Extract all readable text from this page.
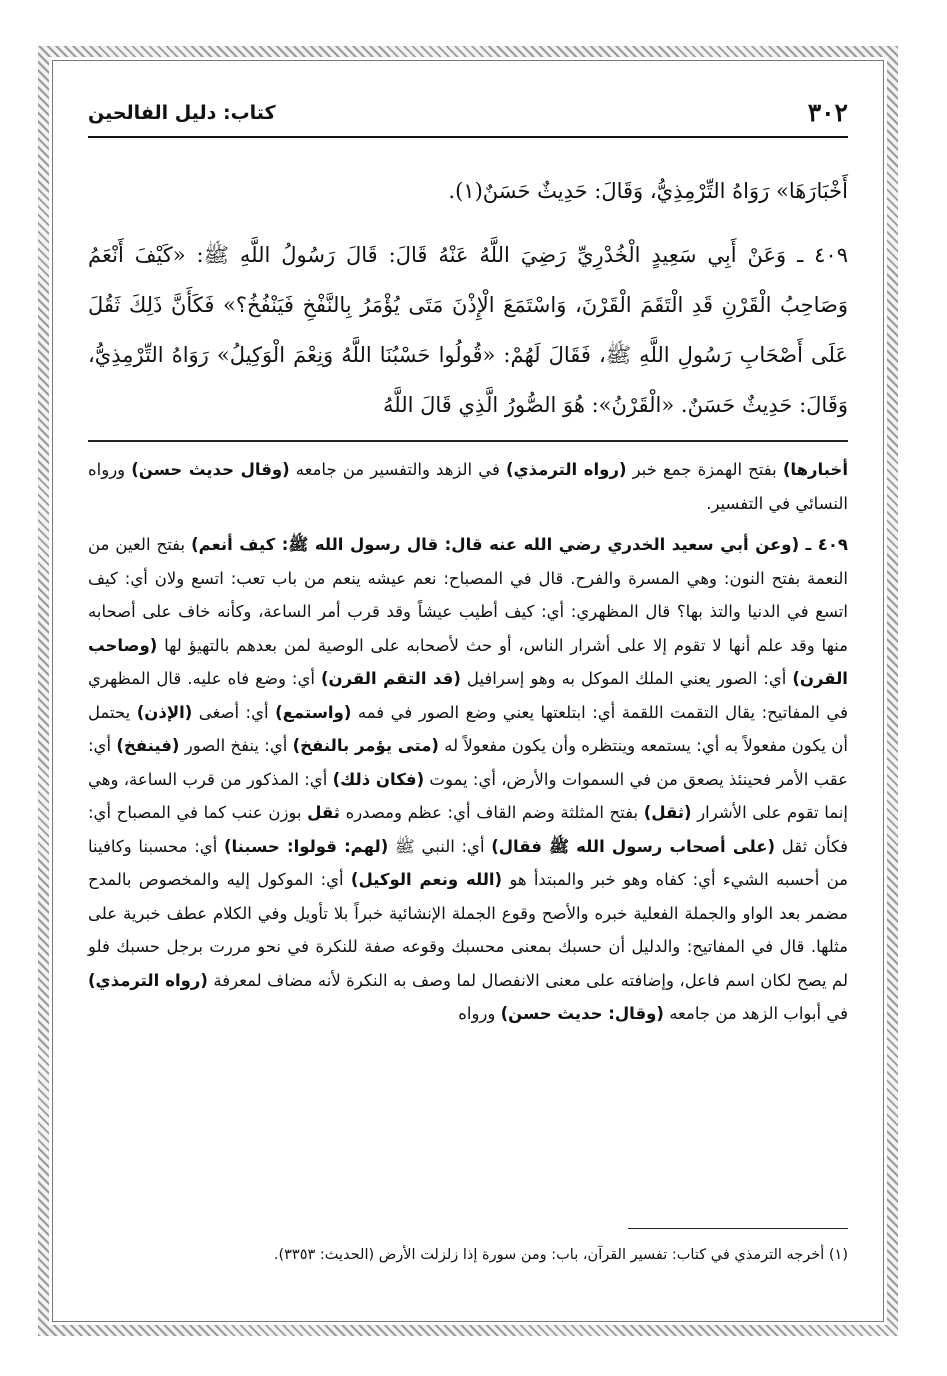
٣٠٢
كتاب: دليل الفالحين

أَخْبَارَهَا» رَوَاهُ التِّرْمِذِيُّ، وَقَالَ: حَدِيثٌ حَسَنٌ(١).

٤٠٩ ـ وَعَنْ أَبِي سَعِيدٍ الْخُدْرِيِّ رَضِيَ اللَّهُ عَنْهُ قَالَ: قَالَ رَسُولُ اللَّهِ ﷺ: «كَيْفَ أَنْعَمُ وَصَاحِبُ الْقَرْنِ قَدِ الْتَقَمَ الْقَرْنَ، وَاسْتَمَعَ الْإِذْنَ مَتَى يُؤْمَرُ بِالنَّفْخِ فَيَنْفُخُ؟» فَكَأَنَّ ذَلِكَ ثَقُلَ عَلَى أَصْحَابِ رَسُولِ اللَّهِ ﷺ، فَقَالَ لَهُمْ: «قُولُوا حَسْبُنَا اللَّهُ وَنِعْمَ الْوَكِيلُ» رَوَاهُ التِّرْمِذِيُّ، وَقَالَ: حَدِيثٌ حَسَنٌ. «الْقَرْنُ»: هُوَ الصُّورُ الَّذِي قَالَ اللَّهُ

أخبارها) بفتح الهمزة جمع خبر (رواه الترمذي) في الزهد والتفسير من جامعه (وقال حديث حسن) ورواه النسائي في التفسير.

٤٠٩ ـ (وعن أبي سعيد الخدري رضي الله عنه قال: قال رسول الله ﷺ: كيف أنعم) بفتح العين من النعمة بفتح النون: وهي المسرة والفرح. قال في المصباح: نعم عيشه ينعم من باب تعب: اتسع ولان أي: كيف اتسع في الدنيا والتذ بها؟ قال المظهري: أي: كيف أطيب عيشاً وقد قرب أمر الساعة، وكأنه خاف على أصحابه منها وقد علم أنها لا تقوم إلا على أشرار الناس، أو حث لأصحابه على الوصية لمن بعدهم بالتهيؤ لها (وصاحب القرن) أي: الصور يعني الملك الموكل به وهو إسرافيل (قد التقم القرن) أي: وضع فاه عليه. قال المظهري في المفاتيح: يقال التقمت اللقمة أي: ابتلعتها يعني وضع الصور في فمه (واستمع) أي: أصغى (الإذن) يحتمل أن يكون مفعولاً به أي: يستمعه وينتظره وأن يكون مفعولاً له (متى يؤمر بالنفخ) أي: ينفخ الصور (فينفخ) أي: عقب الأمر فحينئذ يصعق من في السموات والأرض، أي: يموت (فكان ذلك) أي: المذكور من قرب الساعة، وهي إنما تقوم على الأشرار (ثقل) بفتح المثلثة وضم القاف أي: عظم ومصدره ثقل بوزن عنب كما في المصباح أي: فكأن ثقل (على أصحاب رسول الله ﷺ فقال) أي: النبي ﷺ (لهم: قولوا: حسبنا) أي: محسبنا وكافينا من أحسبه الشيء أي: كفاه وهو خبر والمبتدأ هو (الله ونعم الوكيل) أي: الموكول إليه والمخصوص بالمدح مضمر بعد الواو والجملة الفعلية خبره والأصح وقوع الجملة الإنشائية خبراً بلا تأويل وفي الكلام عطف خبرية على مثلها. قال في المفاتيح: والدليل أن حسبك بمعنى محسبك وقوعه صفة للنكرة في نحو مررت برجل حسبك فلو لم يصح لكان اسم فاعل، وإضافته على معنى الانفصال لما وصف به النكرة لأنه مضاف لمعرفة (رواه الترمذي) في أبواب الزهد من جامعه (وقال: حديث حسن) ورواه

(١) أخرجه الترمذي في كتاب: تفسير القرآن، باب: ومن سورة إذا زلزلت الأرض (الحديث: ٣٣٥٣).
